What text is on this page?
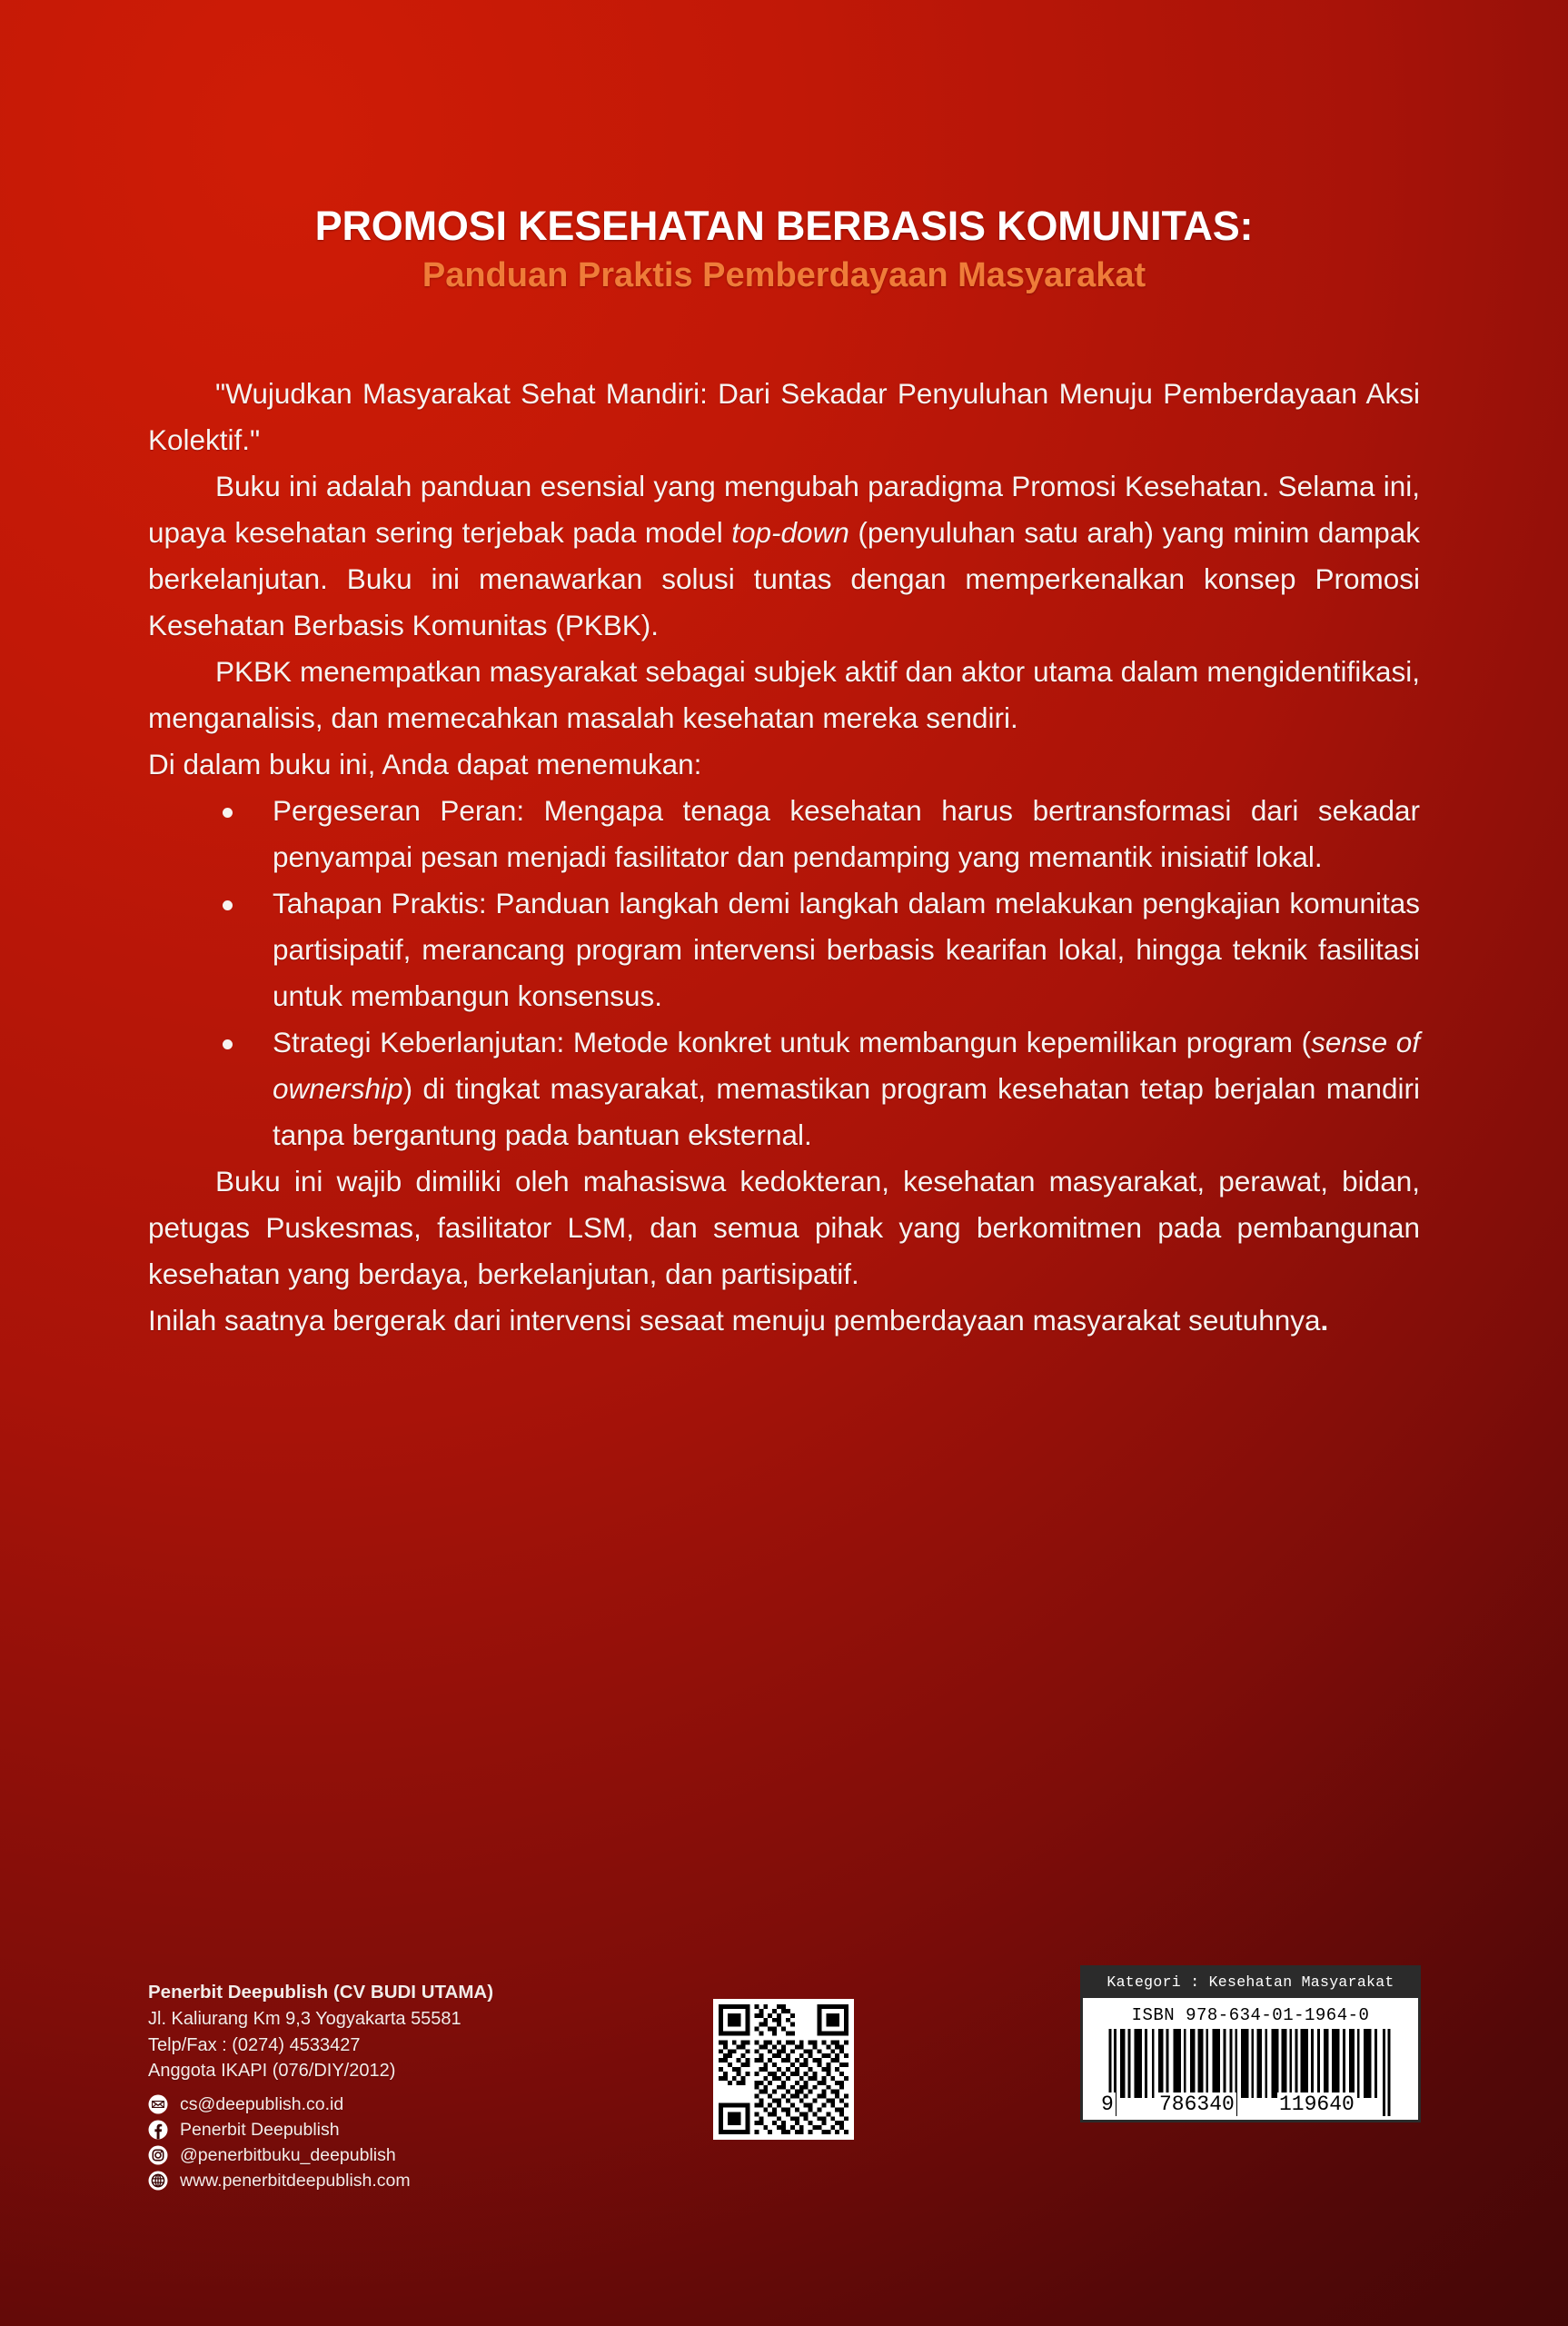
PROMOSI KESEHATAN BERBASIS KOMUNITAS:
Panduan Praktis Pemberdayaan Masyarakat

"Wujudkan Masyarakat Sehat Mandiri: Dari Sekadar Penyuluhan Menuju Pemberdayaan Aksi Kolektif."

Buku ini adalah panduan esensial yang mengubah paradigma Promosi Kesehatan. Selama ini, upaya kesehatan sering terjebak pada model top-down (penyuluhan satu arah) yang minim dampak berkelanjutan. Buku ini menawarkan solusi tuntas dengan memperkenalkan konsep Promosi Kesehatan Berbasis Komunitas (PKBK).

PKBK menempatkan masyarakat sebagai subjek aktif dan aktor utama dalam mengidentifikasi, menganalisis, dan memecahkan masalah kesehatan mereka sendiri.

Di dalam buku ini, Anda dapat menemukan:

Pergeseran Peran: Mengapa tenaga kesehatan harus bertransformasi dari sekadar penyampai pesan menjadi fasilitator dan pendamping yang memantik inisiatif lokal.
Tahapan Praktis: Panduan langkah demi langkah dalam melakukan pengkajian komunitas partisipatif, merancang program intervensi berbasis kearifan lokal, hingga teknik fasilitasi untuk membangun konsensus.
Strategi Keberlanjutan: Metode konkret untuk membangun kepemilikan program (sense of ownership) di tingkat masyarakat, memastikan program kesehatan tetap berjalan mandiri tanpa bergantung pada bantuan eksternal.

Buku ini wajib dimiliki oleh mahasiswa kedokteran, kesehatan masyarakat, perawat, bidan, petugas Puskesmas, fasilitator LSM, dan semua pihak yang berkomitmen pada pembangunan kesehatan yang berdaya, berkelanjutan, dan partisipatif.

Inilah saatnya bergerak dari intervensi sesaat menuju pemberdayaan masyarakat seutuhnya.

Penerbit Deepublish (CV BUDI UTAMA)
Jl. Kaliurang Km 9,3 Yogyakarta 55581
Telp/Fax : (0274) 4533427
Anggota IKAPI (076/DIY/2012)
cs@deepublish.co.id
Penerbit Deepublish
@penerbitbuku_deepublish
www.penerbitdeepublish.com
Kategori : Kesehatan Masyarakat
ISBN 978-634-01-1964-0
9 786340 119640
